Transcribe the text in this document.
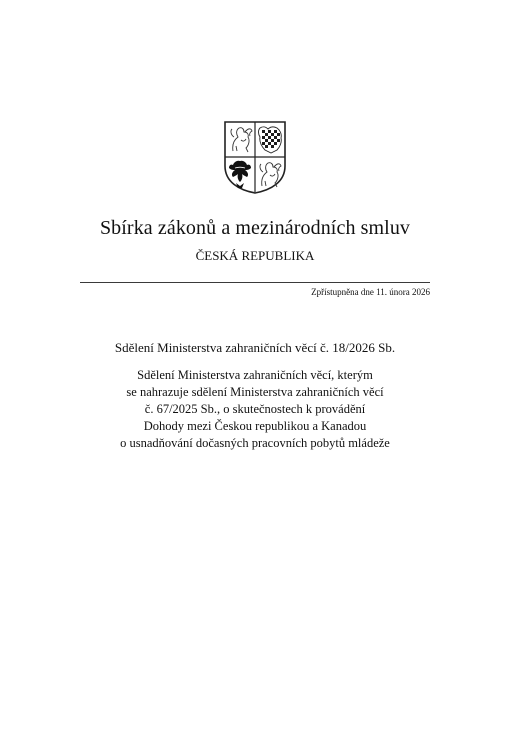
Sbírka zákonů a mezinárodních smluv
ČESKÁ REPUBLIKA
Zpřístupněna dne 11. února 2026
Sdělení Ministerstva zahraničních věcí č. 18/2026 Sb.
Sdělení Ministerstva zahraničních věcí, kterým
se nahrazuje sdělení Ministerstva zahraničních věcí
č. 67/2025 Sb., o skutečnostech k provádění
Dohody mezi Českou republikou a Kanadou
o usnadňování dočasných pracovních pobytů mládeže
